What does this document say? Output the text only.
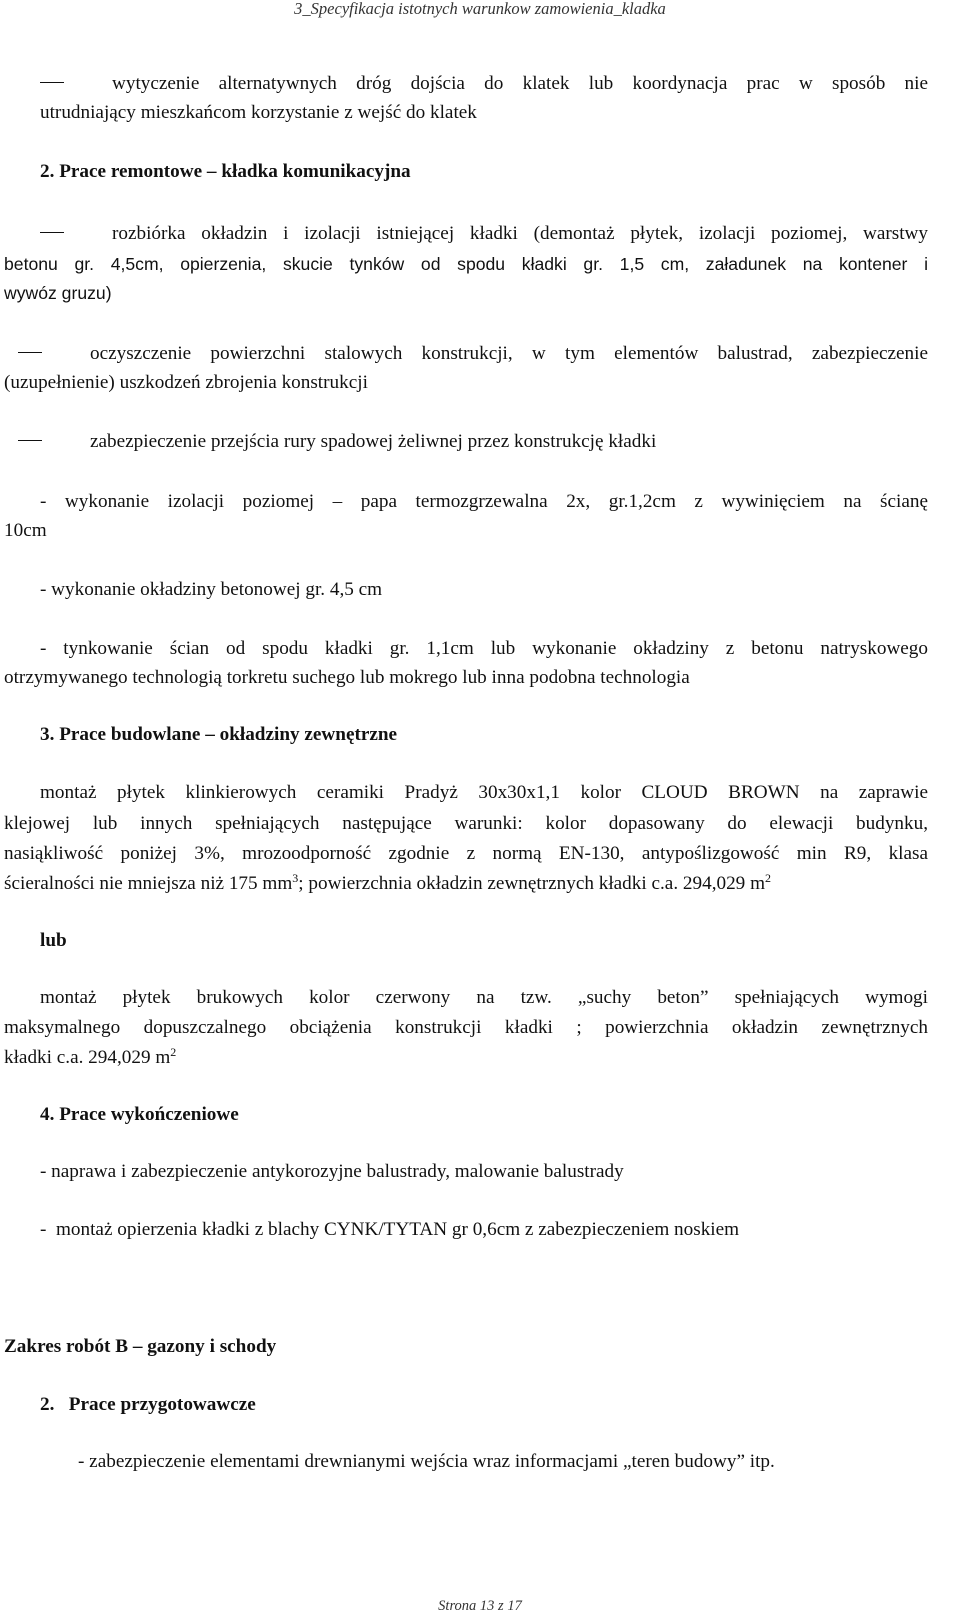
3_Specyfikacja istotnych warunkow zamowienia_kladka

wytyczenie alternatywnych dróg dojścia do klatek lub koordynacja prac w sposób nie

utrudniający mieszkańcom korzystanie z wejść do klatek

2. Prace remontowe – kładka komunikacyjna

rozbiórka okładzin i izolacji istniejącej kładki (demontaż płytek, izolacji poziomej, warstwy

betonu gr. 4,5cm, opierzenia, skucie tynków od spodu kładki gr. 1,5 cm, załadunek na kontener i

wywóz gruzu)

oczyszczenie powierzchni stalowych konstrukcji, w tym elementów balustrad, zabezpieczenie

(uzupełnienie) uszkodzeń zbrojenia konstrukcji

zabezpieczenie przejścia rury spadowej żeliwnej przez konstrukcję kładki

- wykonanie izolacji poziomej – papa termozgrzewalna 2x, gr.1,2cm z wywinięciem na ścianę

10cm

- wykonanie okładziny betonowej gr. 4,5 cm

- tynkowanie ścian od spodu kładki gr. 1,1cm lub wykonanie okładziny z betonu natryskowego

otrzymywanego technologią torkretu suchego lub mokrego lub inna podobna technologia

3. Prace budowlane – okładziny zewnętrzne

montaż płytek klinkierowych ceramiki Pradyż 30x30x1,1 kolor CLOUD BROWN na zaprawie

klejowej lub innych spełniających następujące warunki: kolor dopasowany do elewacji budynku,

nasiąkliwość poniżej 3%, mrozoodporność zgodnie z normą EN-130, antypoślizgowość min R9, klasa

ścieralności nie mniejsza niż 175 $mm^3$; powierzchnia okładzin zewnętrznych kładki c.a. 294,029 $m^2$

lub

montaż płytek brukowych kolor czerwony na tzw. „suchy beton” spełniających wymogi

maksymalnego dopuszczalnego obciążenia konstrukcji kładki ; powierzchnia okładzin zewnętrznych

kładki c.a. 294,029 $m^2$

4. Prace wykończeniowe

- naprawa i zabezpieczenie antykorozyjne balustrady, malowanie balustrady

-  montaż opierzenia kładki z blachy CYNK/TYTAN gr 0,6cm z zabezpieczeniem noskiem

Zakres robót B – gazony i schody

2.   Prace przygotowawcze

- zabezpieczenie elementami drewnianymi wejścia wraz informacjami „teren budowy” itp.

Strona 13 z 17
